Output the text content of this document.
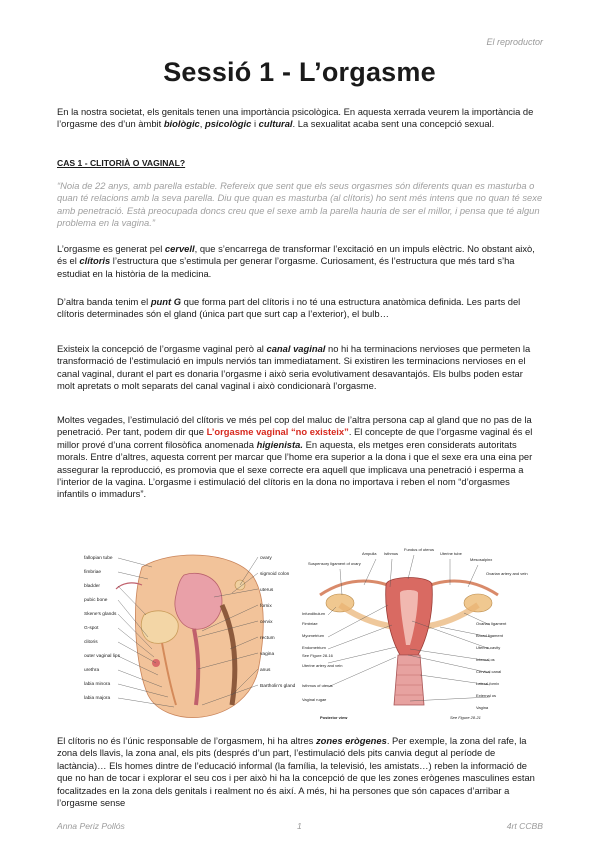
El reproductor
Sessió 1 - L’orgasme

En la nostra societat, els genitals tenen una importància psicològica. En aquesta xerrada veurem la importància de l’orgasme des d’un àmbit biològic, psicològic i cultural. La sexualitat acaba sent una concepció sexual.

CAS 1 - CLITORIÀ O VAGINAL?

“Noia de 22 anys, amb parella estable. Refereix que sent que els seus orgasmes són diferents quan es masturba o quan té relacions amb la seva parella. Diu que quan es masturba (al clítoris) ho sent més intens que no quan té sexe amb penetració. Està preocupada doncs creu que el sexe amb la parella hauria de ser el millor, i pensa que té algun problema en la vagina.”

L’orgasme es generat pel cervell, que s’encarrega de transformar l’excitació en un impuls elèctric. No obstant això, és el clítoris l’estructura que s’estimula per generar l’orgasme. Curiosament, és l’estructura que més tard s’ha estudiat en la història de la medicina.

D’altra banda tenim el punt G que forma part del clítoris i no té una estructura anatòmica definida. Les parts del clítoris determinades són el gland (única part que surt cap a l’exterior), el bulb…

Existeix la concepció de l’orgasme vaginal però al canal vaginal no hi ha terminacions nervioses que permeten la transformació de l’estimulació en impuls nerviós tan immediatament. Si existiren les terminacions nervioses en el canal vaginal, durant el part es donaria l’orgasme i això seria evolutivament desavantajós. Els bulbs poden estar molt apretats o molt separats del canal vaginal i això condicionarà l’orgasme.

Moltes vegades, l’estimulació del clítoris ve més pel cop del maluc de l’altra persona cap al gland que no pas de la penetració. Per tant, podem dir que L’orgasme vaginal “no existeix”. El concepte de que l’orgasme vaginal és el millor prové d’una corrent filosòfica anomenada higienista. En aquesta, els metges eren considerats autoritats morals. Entre d’altres, aquesta corrent per marcar que l’home era superior a la dona i que el sexe era una eina per assegurar la reproducció, es promovia que el sexe correcte era aquell que implicava una penetració i esperma a l’interior de la vagina. L’orgasme i estimulació del clítoris en la dona no importava i reben el nom “d’orgasmes infantils o immadurs”.

fallopian tube
fimbriae
bladder
pubic bone
Skene's glands
G-spot
clitoris
outer vaginal lips
urethra
labia minora
labia majora
ovary
sigmoid colon
uterus
fornix
cervix
rectum
vagina
anus
Bartholin's gland
Suspensory ligament of ovary
Ampulla Isthmus
Fundus of uterus
Uterine tube
Mesosalpinx
Ovarian artery and vein
Infundibulum
Fimbriae
Myometrium
Endometrium
See Figure 28-16
Uterine artery and vein
Isthmus of uterus
Vaginal rugae
Ovarian ligament
Broad ligament
Uterine cavity
Internal os
Cervical canal
Lateral fornix
External os
Vagina
Posterior view	See Figure 28-21

El clítoris no és l’únic responsable de l’orgasmem, hi ha altres zones erògenes. Per exemple, la zona del rafe, la zona dels llavis, la zona anal, els pits (després d’un part, l’estimulació dels pits canvia degut al període de lactància)… Els homes dintre de l’educació informal (la família, la televisió, les amistats…) reben la informació de que no han de tocar i explorar el seu cos i per això hi ha la concepció de que les zones erògenes masculines estan focalitzades en la zona dels genitals i realment no és així. A més, hi ha persones que són capaces d’arribar a l’orgasme sense

Anna Periz Pollós	1	4rt CCBB
